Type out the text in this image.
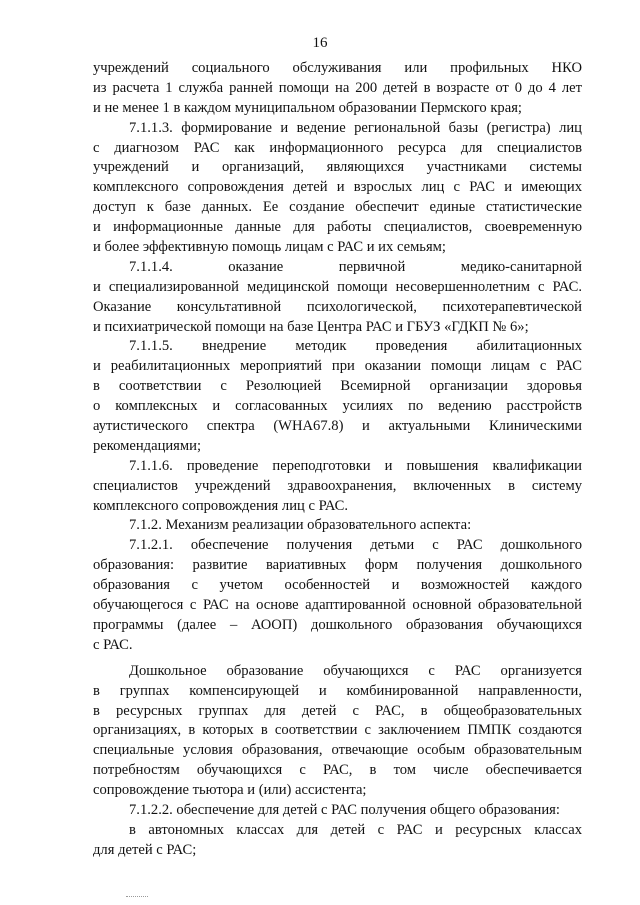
16

учреждений социального обслуживания или профильных НКО
из расчета 1 служба ранней помощи на 200 детей в возрасте от 0 до 4 лет
и не менее 1 в каждом муниципальном образовании Пермского края;

7.1.1.3. формирование и ведение региональной базы (регистра) лиц
с диагнозом РАС как информационного ресурса для специалистов
учреждений и организаций, являющихся участниками системы
комплексного сопровождения детей и взрослых лиц с РАС и имеющих
доступ к базе данных. Ее создание обеспечит единые статистические
и информационные данные для работы специалистов, своевременную
и более эффективную помощь лицам с РАС и их семьям;

7.1.1.4. оказание первичной медико-санитарной
и специализированной медицинской помощи несовершеннолетним с РАС.
Оказание консультативной психологической, психотерапевтической
и психиатрической помощи на базе Центра РАС и ГБУЗ «ГДКП № 6»;

7.1.1.5. внедрение методик проведения абилитационных
и реабилитационных мероприятий при оказании помощи лицам с РАС
в соответствии с Резолюцией Всемирной организации здоровья
о комплексных и согласованных усилиях по ведению расстройств
аутистического спектра (WHA67.8) и актуальными Клиническими
рекомендациями;

7.1.1.6. проведение переподготовки и повышения квалификации
специалистов учреждений здравоохранения, включенных в систему
комплексного сопровождения лиц с РАС.

7.1.2. Механизм реализации образовательного аспекта:

7.1.2.1. обеспечение получения детьми с РАС дошкольного
образования: развитие вариативных форм получения дошкольного
образования с учетом особенностей и возможностей каждого
обучающегося с РАС на основе адаптированной основной образовательной
программы (далее – АООП) дошкольного образования обучающихся
с РАС.

Дошкольное образование обучающихся с РАС организуется
в группах компенсирующей и комбинированной направленности,
в ресурсных группах для детей с РАС, в общеобразовательных
организациях, в которых в соответствии с заключением ПМПК создаются
специальные условия образования, отвечающие особым образовательным
потребностям обучающихся с РАС, в том числе обеспечивается
сопровождение тьютора и (или) ассистента;

7.1.2.2. обеспечение для детей с РАС получения общего образования:

в автономных классах для детей с РАС и ресурсных классах
для детей с РАС;
